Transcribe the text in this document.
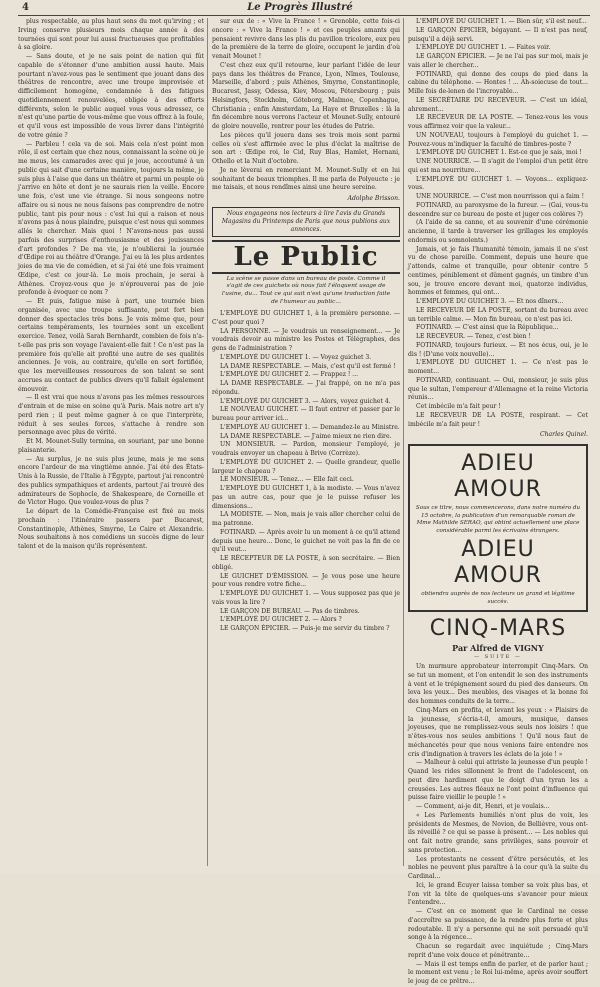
4	Le Progrès Illustré

plus respectable, au plus haut sens du mot qu'irving ; et Irving conserve plusieurs mois chaque année à des tournées qui sont pour lui aussi fructueuses que profitables à sa gloire.

— Sans doute, et je ne sais point de nation qui fût capable de s'étonner d'une ambition aussi haute. Mais pourtant n'avez-vous pas le sentiment que jouant dans des théâtres de rencontre, avec une troupe improvisée et difficilement homogène, condamnée à des fatigues quotidiennement renouvelées, obligée à des efforts différents, selon le public auquel vous vous adressez, ce n'est qu'une partie de vous-même que vous offrez à la foule, et qu'il vous est impossible de vous livrer dans l'intégrité de votre génie ?

— Parbleu ! cela va de soi. Mais cela n'est point mon rôle, il est certain que chez nous, connaissant la scène où je me meus, les camarades avec qui je joue, accoutumé à un public qui sait d'une certaine manière, toujours la même, je suis plus à l'aise que dans un théâtre et parmi un peuple où j'arrive en hôte et dont je ne saurais rien la veille. Encore une fois, c'est une vie étrange. Si nous songeons notre affaire ou si nous ne nous faisons pas comprendre de notre public, tant pis pour nous : c'est lui qui a raison et nous n'avons pas à nous plaindre, puisque c'est nous qui sommes allés le chercher. Mais quoi ! N'avons-nous pas aussi parfois des surprises d'enthousiasme et des jouissances d'art profondes ? De ma vie, je n'oublierai la journée d'Œdipe roi au théâtre d'Orange. J'ai eu là les plus ardentes joies de ma vie de comédien, et si j'ai été une fois vraiment Œdipe, c'est ce jour-là. Le mois prochain, je serai à Athènes. Croyez-vous que je n'éprouverai pas de joie profonde à évoquer ce nom ?

— Et puis, fatigue mise à part, une tournée bien organisée, avec une troupe suffisante, peut fort bien donner des spectacles très bons. Je vois même que, pour certains tempéraments, les tournées sont un excellent exercice. Tenez, voilà Sarah Bernhardt, combien de fois n'a-t-elle pas pris son voyage l'avaient-elle fait ! Ce n'est pas la première fois qu'elle ait profité une autre de ses qualités anciennes. Je vois, au contraire, qu'elle en sort fortifiée, que les merveilleuses ressources de son talent se sont accrues au contact de publics divers qu'il fallait également émouvoir.

— Il est vrai que nous n'avons pas les mêmes ressources d'entrain et de mise en scène qu'à Paris. Mais notre art n'y perd rien ; il peut même gagner à ce que l'interprète, réduit à ses seules forces, s'attache à rendre son personnage avec plus de vérité.

Et M. Mounet-Sully termina, en souriant, par une bonne plaisanterie.

— Au surplus, je ne suis plus jeune, mais je me sens encore l'ardeur de ma vingtième année. J'ai été des États-Unis à la Russie, de l'Italie à l'Égypte, partout j'ai rencontré des publics sympathiques et ardents, partout j'ai trouvé des admirateurs de Sophocle, de Shakespeare, de Corneille et de Victor Hugo. Que voulez-vous de plus ?

Le départ de la Comédie-Française est fixé au mois prochain : l'itinéraire passera par Bucarest, Constantinople, Athènes, Smyrne, Le Caire et Alexandrie. Nous souhaitons à nos comédiens un succès digne de leur talent et de la maison qu'ils représentent.

sur eux de : « Vive la France ! » Grenoble, cette fois-ci encore : « Vive la France ! » et ces peuples amants qui pensaient revivre dans les plis du pavillon tricolore, eux peu de la première de la terre de gloire, occupent le jardin d'où venait Mounet !

C'est chez eux qu'il retourne, leur parlant l'idée de leur pays dans les théâtres de France, Lyon, Nîmes, Toulouse, Marseille, d'abord ; puis Athènes, Smyrne, Constantinople, Bucarest, Jassy, Odessa, Kiev, Moscou, Pétersbourg ; puis Helsingfors, Stockholm, Göteborg, Malmoe, Copenhague, Christiania ; enfin Amsterdam, La Haye et Bruxelles : là la fin décembre nous verrons l'acteur et Mounet-Sully, entouré de gloire nouvelle, rentrer pour les études de Patrie.

Les pièces qu'il jouera dans ses trois mois sont parmi celles où s'est affirmée avec le plus d'éclat la maîtrise de son art : Œdipe roi, le Cid, Ruy Blas, Hamlet, Hernani, Othello et la Nuit d'octobre.

Je ne lèverai en remerciant M. Mounet-Sully et en lui souhaitant de beaux triomphes. Il me parla de Polyeucte : je me taisais, et nous rendîmes ainsi une heure sereine.

Adolphe Brisson.
Nous engageons nos lecteurs à lire l'avis du Grands Magasins du Printemps de Paris que nous publions aux annonces.
Le Public
La scène se passe dans un bureau de poste. Comme il s'agit de ces guichets où nous fait l'éloquent usage de l'usine, du... Tout ce qui suit n'est qu'une traduction faite de l'humeur au public...

L'EMPLOYÉ DU GUICHET 1, à la première personne. — C'est pour quoi ?

LA PERSONNE. — Je voudrais un renseignement... — Je voudrais devoir au ministre les Postes et Télégraphes, des gens de l'administration ?

L'EMPLOYÉ DU GUICHET 1. — Voyez guichet 3.

LA DAME RESPECTABLE. — Mais, c'est qu'il est fermé !

L'EMPLOYÉ DU GUICHET 2. — Frappez ! ...

LA DAME RESPECTABLE. — J'ai frappé, on ne m'a pas répondu.

L'EMPLOYÉ DU GUICHET 3. — Alors, voyez guichet 4.

LE NOUVEAU GUICHET. — Il faut entrer et passer par le bureau pour arriver ici...

L'EMPLOYÉ AU GUICHET 1. — Demandez-le au Ministre.

LA DAME RESPECTABLE. — J'aime mieux ne rien dire.

UN MONSIEUR. — Pardon, monsieur l'employé, je voudrais envoyer un chapeau à Brive (Corrèze).

L'EMPLOYÉ DU GUICHET 2. — Quelle grandeur, quelle largeur le chapeau ?

LE MONSIEUR. — Tenez... — Elle fait ceci.

L'EMPLOYÉ DU GUICHET 1, à la modiste. — Vous n'avez pas un autre cas, pour que je le puisse refuser les dimensions...

LA MODISTE. — Non, mais je vais aller chercher celui de ma patronne.

FOTINARD. — Après avoir lu un moment à ce qu'il attend depuis une heure... Donc, le guichet ne voit pas la fin de ce qu'il veut...

LE RÉCEPTEUR DE LA POSTE, à son secrétaire. — Bien obligé.

LE GUICHET D'ÉMISSION. — Je vous pose une heure pour vous rendre votre fiche...

L'EMPLOYÉ DU GUICHET 1. — Vous supposez pas que je vais vous la lire ?

LE GARÇON DE BUREAU. — Pas de timbres.

L'EMPLOYÉ DU GUICHET 2. — Alors ?

LE GARÇON ÉPICIER. — Puis-je me servir du timbre ?

L'EMPLOYÉ DU GUICHET 1. — Bien sûr, s'il est neuf...

LE GARÇON ÉPICIER, bégayant. — Il n'est pas neuf, puisqu'il a déjà servi.

L'EMPLOYÉ DU GUICHET 1. — Faites voir.

LE GARÇON ÉPICIER. — Je ne l'ai pas sur moi, mais je vais aller le chercher...

FOTINARD, qui donne des coups de pied dans la cabine du téléphone. — Hontes ! ... Ah-soiecuse de tout... Mille fois de-lenen de l'incroyable...

LE SECRÉTAIRE DU RECEVEUR. — C'est un idéal, ahrement...

LE RECEVEUR DE LA POSTE. — Tenez-vous les vous vous affirmez voir que la valeur...

UN NOUVEAU, toujours à l'employé du guichet 1. — Pouvez-vous m'indiquer la faculté de timbres-poste ?

L'EMPLOYÉ DU GUICHET 1. Est-ce que je sais, moi !

UNE NOURRICE. — Il s'agit de l'emploi d'un petit être qui est ma nourriture...

L'EMPLOYÉ DU GUICHET 1. — Voyons... expliquez-vous.

UNE NOURRICE. — C'est mon nourrisson qui a faim !

FOTINARD, au paroxysme de la fureur. — (Gai, vous-tu descendre sur ce bureau de poste et juger ces colères ?)

(A l'aide de sa canne, et au souvenir d'une cérémonie ancienne, il tarde à traverser les grillages les employés endormis ou somnolents.)

Jamais, et je fais l'humanité témoin, jamais il ne s'est vu de chose pareille. Comment, depuis une heure que j'attends, calme et tranquille, pour obtenir contre 5 centimes, péniblement et dûment gagnés, un timbre d'un sou, je trouve encore devant moi, quatorze individus, hommes et femmes, qui ont...

L'EMPLOYÉ DU GUICHET 3. — Et nos dîners...

LE RECEVEUR DE LA POSTE, sortant du bureau avec un terrible calme. — Mon fin bureau, ce n'est pas ici.

FOTINARD. — C'est ainsi que la République...

LE RECEVEUR. — Tenez, c'est bien !

FOTINARD, toujours furieux. — Et nos écus, oui, je le dis ! (D'une voix nouvelle)...

L'EMPLOYÉ DU GUICHET 1. — Ce n'est pas le moment...

FOTINARD, continuant. — Oui, monsieur, je suis plus que le sultan, l'empereur d'Allemagne et la reine Victoria réunis...

Cet imbécile m'a fait peur !

LE RECEVEUR DE LA POSTE, respirant. — Cet imbécile m'a fait peur !

Charles Quinel.
ADIEU AMOUR
Sous ce titre, nous commencerons, dans notre numéro du 15 octobre, la publication d'un remarquable roman de Mme Mathilde SERAO, qui obtint actuellement une place considérable parmi les écrivains étrangers.
ADIEU AMOUR
obtiendra auprès de nos lecteurs un grand et légitime succès.
CINQ-MARS
Par Alfred de VIGNY
— SUITE —

Un murmure approbateur interrompit Cinq-Mars. On se tut un moment, et l'on entendit le son des instruments à vent et le trépignement sourd du pied des danseurs. On leva les yeux... Des meubles, des visages et la bonne foi des hommes conduits de la terre...

Cinq-Mars en profita, et levant les yeux : « Plaisirs de la jeunesse, s'écria-t-il, amours, musique, danses joyeuses, que ne remplissez-vous seuls nos loisirs ! que n'êtes-vous nos seules ambitions ! Qu'il nous faut de méchancetés pour que nous venions faire entendre nos cris d'indignation à travers les éclats de la joie ! »

— Malheur à celui qui attriste la jeunesse d'un peuple ! Quand les rides sillonnent le front de l'adolescent, on peut dire hardiment que le doigt d'un tyran les a creusées. Les autres fléaux ne l'ont point d'influence qui puisse faire vieillir le peuple ! »

— Comment, ai-je dit, Henri, et je voulais...

« Les Parlements humiliés n'ont plus de voix, les présidents de Mesmes, de Novion, de Bellièvre, vous ont-ils réveillé ? ce qui se passe à présent... — Les nobles qui ont fait notre grande, sans privilèges, sans pouvoir et sans protection...

Les protestants ne cessent d'être persécutés, et les nobles ne peuvent plus paraître à la cour qu'à la suite du Cardinal...

Ici, le grand Écuyer laissa tomber sa voix plus bas, et l'on vit la tête de quelques-uns s'avancer pour mieux l'entendre...

— C'est en ce moment que le Cardinal ne cesse d'accroître sa puissance, de la rendre plus forte et plus redoutable. Il n'y a personne qui ne soit persuadé qu'il songe à la régence...

Chacun se regardait avec inquiétude ; Cinq-Mars reprit d'une voix douce et pénétrante...

— Mais il est temps enfin de parler, et de parler haut ; le moment est venu ; le Roi lui-même, après avoir souffert le joug de ce prêtre...
